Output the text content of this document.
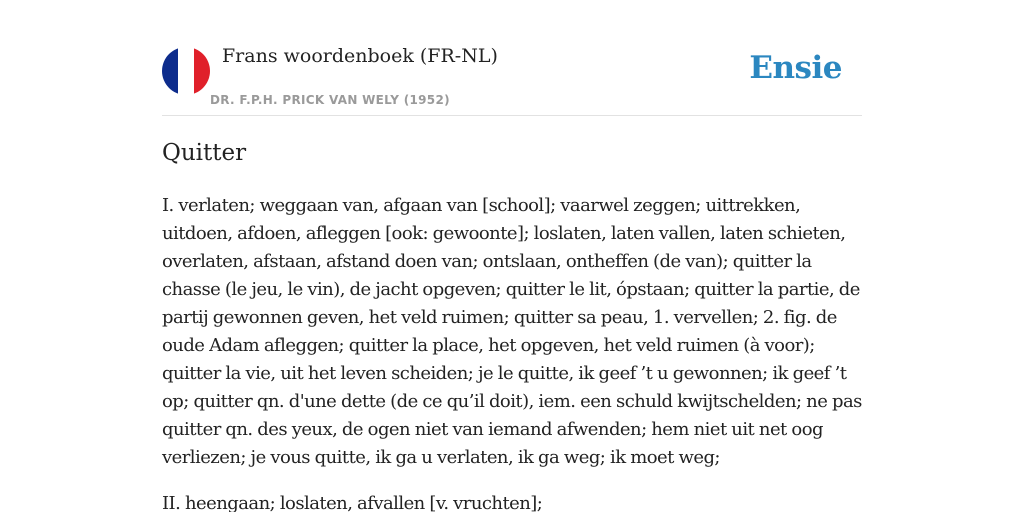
Frans woordenboek (FR-NL)
DR. F.P.H. PRICK VAN WELY (1952)
Ensie
Quitter

I. verlaten; weggaan van, afgaan van [school]; vaarwel zeggen; uittrekken, uitdoen, afdoen, afleggen [ook: gewoonte]; loslaten, laten vallen, laten schieten, overlaten, afstaan, afstand doen van; ontslaan, ontheffen (de van); quitter la chasse (le jeu, le vin), de jacht opgeven; quitter le lit, ópstaan; quitter la partie, de partij gewonnen geven, het veld ruimen; quitter sa peau, 1. vervellen; 2. fig. de oude Adam afleggen; quitter la place, het opgeven, het veld ruimen (à voor); quitter la vie, uit het leven scheiden; je le quitte, ik geef ’t u gewonnen; ik geef ’t op; quitter qn. d'une dette (de ce qu’il doit), iem. een schuld kwijtschelden; ne pas quitter qn. des yeux, de ogen niet van iemand afwenden; hem niet uit net oog verliezen; je vous quitte, ik ga u verlaten, ik ga weg; ik moet weg;

II. heengaan; loslaten, afvallen [v. vruchten];
